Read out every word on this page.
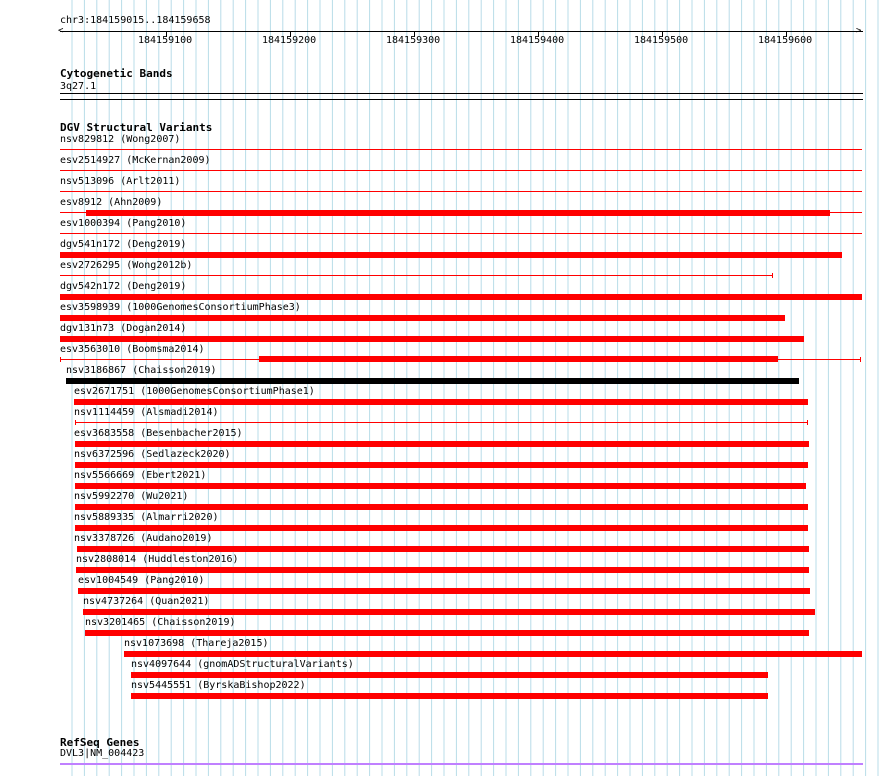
chr3:184159015..184159658
<	>
184159100	184159200	184159300	184159400	184159500	184159600
Cytogenetic Bands
3q27.1
DGV Structural Variants
nsv829812 (Wong2007)
esv2514927 (McKernan2009)
nsv513096 (Arlt2011)
esv8912 (Ahn2009)
esv1000394 (Pang2010)
dgv541n172 (Deng2019)
esv2726295 (Wong2012b)
dgv542n172 (Deng2019)
esv3598939 (1000GenomesConsortiumPhase3)
dgv131n73 (Dogan2014)
esv3563010 (Boomsma2014)
nsv3186867 (Chaisson2019)
esv2671751 (1000GenomesConsortiumPhase1)
nsv1114459 (Alsmadi2014)
esv3683558 (Besenbacher2015)
nsv6372596 (Sedlazeck2020)
nsv5566669 (Ebert2021)
nsv5992270 (Wu2021)
nsv5889335 (Almarri2020)
nsv3378726 (Audano2019)
nsv2808014 (Huddleston2016)
esv1004549 (Pang2010)
nsv4737264 (Quan2021)
nsv3201465 (Chaisson2019)
nsv1073698 (Thareja2015)
nsv4097644 (gnomADStructuralVariants)
nsv5445551 (ByrskaBishop2022)
RefSeq Genes
DVL3|NM_004423
